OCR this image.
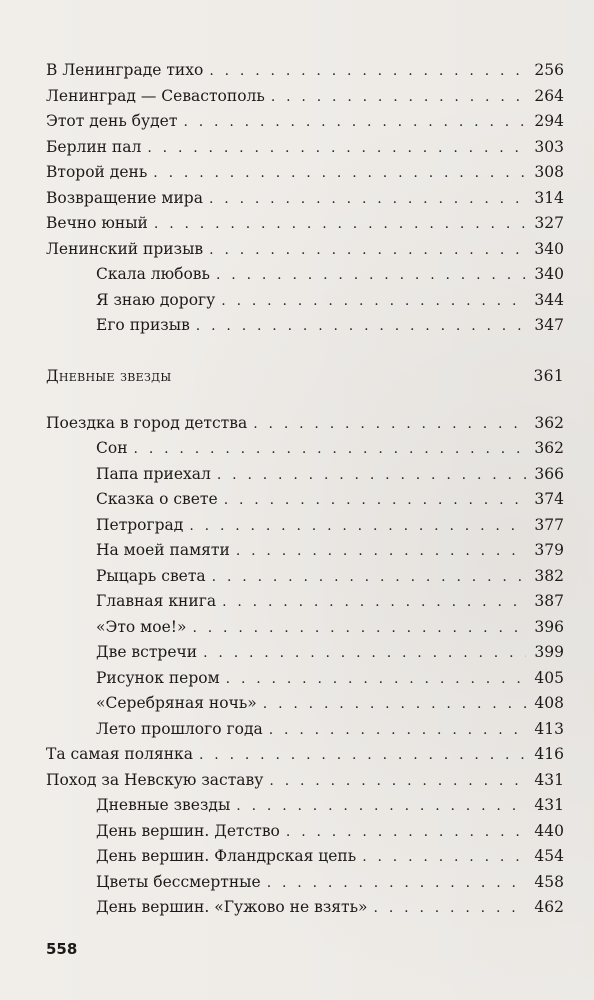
В Ленинграде тихо . . .	256
Ленинград — Севастополь . . .	264
Этот день будет . . .	294
Берлин пал . . .	303
Второй день . . .	308
Возвращение мира . . .	314
Вечно юный . . .	327
Ленинский призыв . . .	340
Скала любовь . . .	340
Я знаю дорогу . . .	344
Его призыв . . .	347
Дневные звезды	361
Поездка в город детства . . .	362
Сон . . .	362
Папа приехал . . .	366
Сказка о свете . . .	374
Петроград . . .	377
На моей памяти . . .	379
Рыцарь света . . .	382
Главная книга . . .	387
«Это мое!» . . .	396
Две встречи . . .	399
Рисунок пером . . .	405
«Серебряная ночь» . . .	408
Лето прошлого года . . .	413
Та самая полянка . . .	416
Поход за Невскую заставу . . .	431
Дневные звезды . . .	431
День вершин. Детство . . .	440
День вершин. Фландрская цепь . . .	454
Цветы бессмертные . . .	458
День вершин. «Гужово не взять» . . .	462
558
